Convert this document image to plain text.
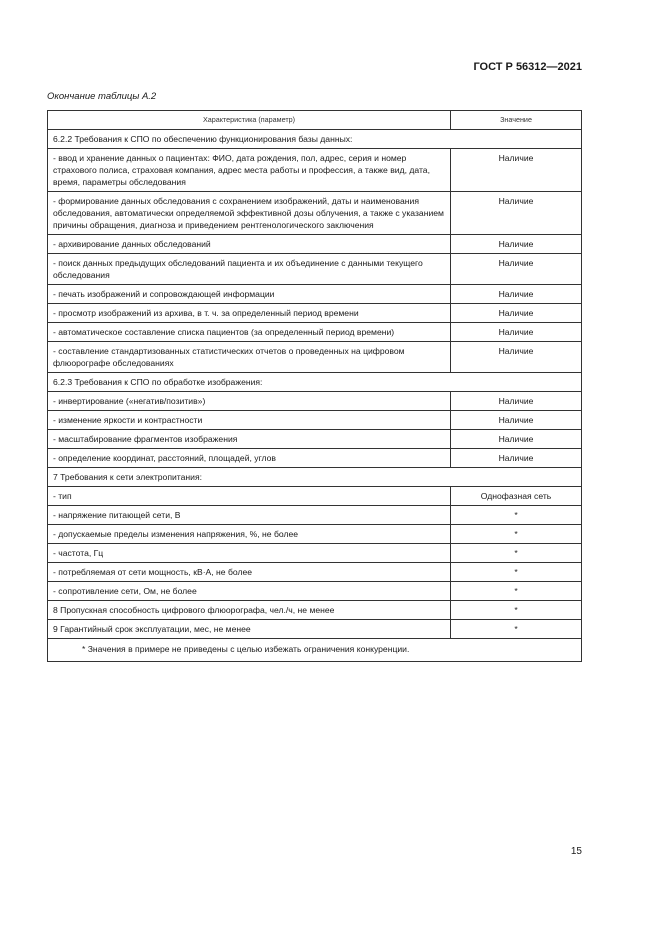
ГОСТ Р 56312—2021
Окончание таблицы А.2
Характеристика (параметр)	Значение
6.2.2 Требования к СПО по обеспечению функционирования базы данных:	
- ввод и хранение данных о пациентах: ФИО, дата рождения, пол, адрес, серия и номер страхового полиса, страховая компания, адрес места работы и профессия, а также вид, дата, время, параметры обследования	Наличие
- формирование данных обследования с сохранением изображений, даты и наименования обследования, автоматически определяемой эффективной дозы облучения, а также с указанием причины обращения, диагноза и приведением рентгенологического заключения	Наличие
- архивирование данных обследований	Наличие
- поиск данных предыдущих обследований пациента и их объединение с данными текущего обследования	Наличие
- печать изображений и сопровождающей информации	Наличие
- просмотр изображений из архива, в т. ч. за определенный период времени	Наличие
- автоматическое составление списка пациентов (за определенный период времени)	Наличие
- составление стандартизованных статистических отчетов о проведенных на цифровом флюорографе обследованиях	Наличие
6.2.3 Требования к СПО по обработке изображения:	
- инвертирование («негатив/позитив»)	Наличие
- изменение яркости и контрастности	Наличие
- масштабирование фрагментов изображения	Наличие
- определение координат, расстояний, площадей, углов	Наличие
7 Требования к сети электропитания:	
- тип	Однофазная сеть
- напряжение питающей сети, В	*
- допускаемые пределы изменения напряжения, %, не более	*
- частота, Гц	*
- потребляемая от сети мощность, кВ·А, не более	*
- сопротивление сети, Ом, не более	*
8 Пропускная способность цифрового флюорографа, чел./ч, не менее	*
9 Гарантийный срок эксплуатации, мес, не менее	*
* Значения в примере не приведены с целью избежать ограничения конкуренции.	
15
